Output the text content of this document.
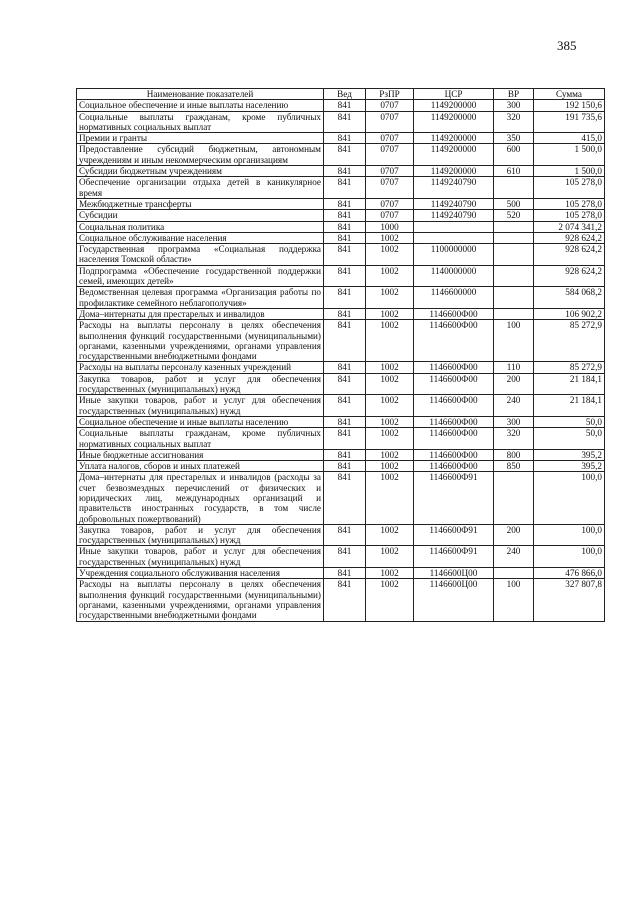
385
Наименование показателей	Вед	РзПР	ЦСР	ВР	Сумма
Социальное обеспечение и иные выплаты населению	841	0707	1149200000	300	192 150,6
Социальные выплаты гражданам, кроме публичных нормативных социальных выплат	841	0707	1149200000	320	191 735,6
Премии и гранты	841	0707	1149200000	350	415,0
Предоставление субсидий бюджетным, автономным учреждениям и иным некоммерческим организациям	841	0707	1149200000	600	1 500,0
Субсидии бюджетным учреждениям	841	0707	1149200000	610	1 500,0
Обеспечение организации отдыха детей в каникулярное время	841	0707	1149240790		105 278,0
Межбюджетные трансферты	841	0707	1149240790	500	105 278,0
Субсидии	841	0707	1149240790	520	105 278,0
Социальная политика	841	1000			2 074 341,2
Социальное обслуживание населения	841	1002			928 624,2
Государственная программа «Социальная поддержка населения Томской области»	841	1002	1100000000		928 624,2
Подпрограмма «Обеспечение государственной поддержки семей, имеющих детей»	841	1002	1140000000		928 624,2
Ведомственная целевая программа «Организация работы по профилактике семейного неблагополучия»	841	1002	1146600000		584 068,2
Дома–интернаты для престарелых и инвалидов	841	1002	1146600Ф00		106 902,2
Расходы на выплаты персоналу в целях обеспечения выполнения функций государственными (муниципальными) органами, казенными учреждениями, органами управления государственными внебюджетными фондами	841	1002	1146600Ф00	100	85 272,9
Расходы на выплаты персоналу казенных учреждений	841	1002	1146600Ф00	110	85 272,9
Закупка товаров, работ и услуг для обеспечения государственных (муниципальных) нужд	841	1002	1146600Ф00	200	21 184,1
Иные закупки товаров, работ и услуг для обеспечения государственных (муниципальных) нужд	841	1002	1146600Ф00	240	21 184,1
Социальное обеспечение и иные выплаты населению	841	1002	1146600Ф00	300	50,0
Социальные выплаты гражданам, кроме публичных нормативных социальных выплат	841	1002	1146600Ф00	320	50,0
Иные бюджетные ассигнования	841	1002	1146600Ф00	800	395,2
Уплата налогов, сборов и иных платежей	841	1002	1146600Ф00	850	395,2
Дома–интернаты для престарелых и инвалидов (расходы за счет безвозмездных перечислений от физических и юридических лиц, международных организаций и правительств иностранных государств, в том числе добровольных пожертвований)	841	1002	1146600Ф91		100,0
Закупка товаров, работ и услуг для обеспечения государственных (муниципальных) нужд	841	1002	1146600Ф91	200	100,0
Иные закупки товаров, работ и услуг для обеспечения государственных (муниципальных) нужд	841	1002	1146600Ф91	240	100,0
Учреждения социального обслуживания населения	841	1002	1146600Ц00		476 866,0
Расходы на выплаты персоналу в целях обеспечения выполнения функций государственными (муниципальными) органами, казенными учреждениями, органами управления государственными внебюджетными фондами	841	1002	1146600Ц00	100	327 807,8
